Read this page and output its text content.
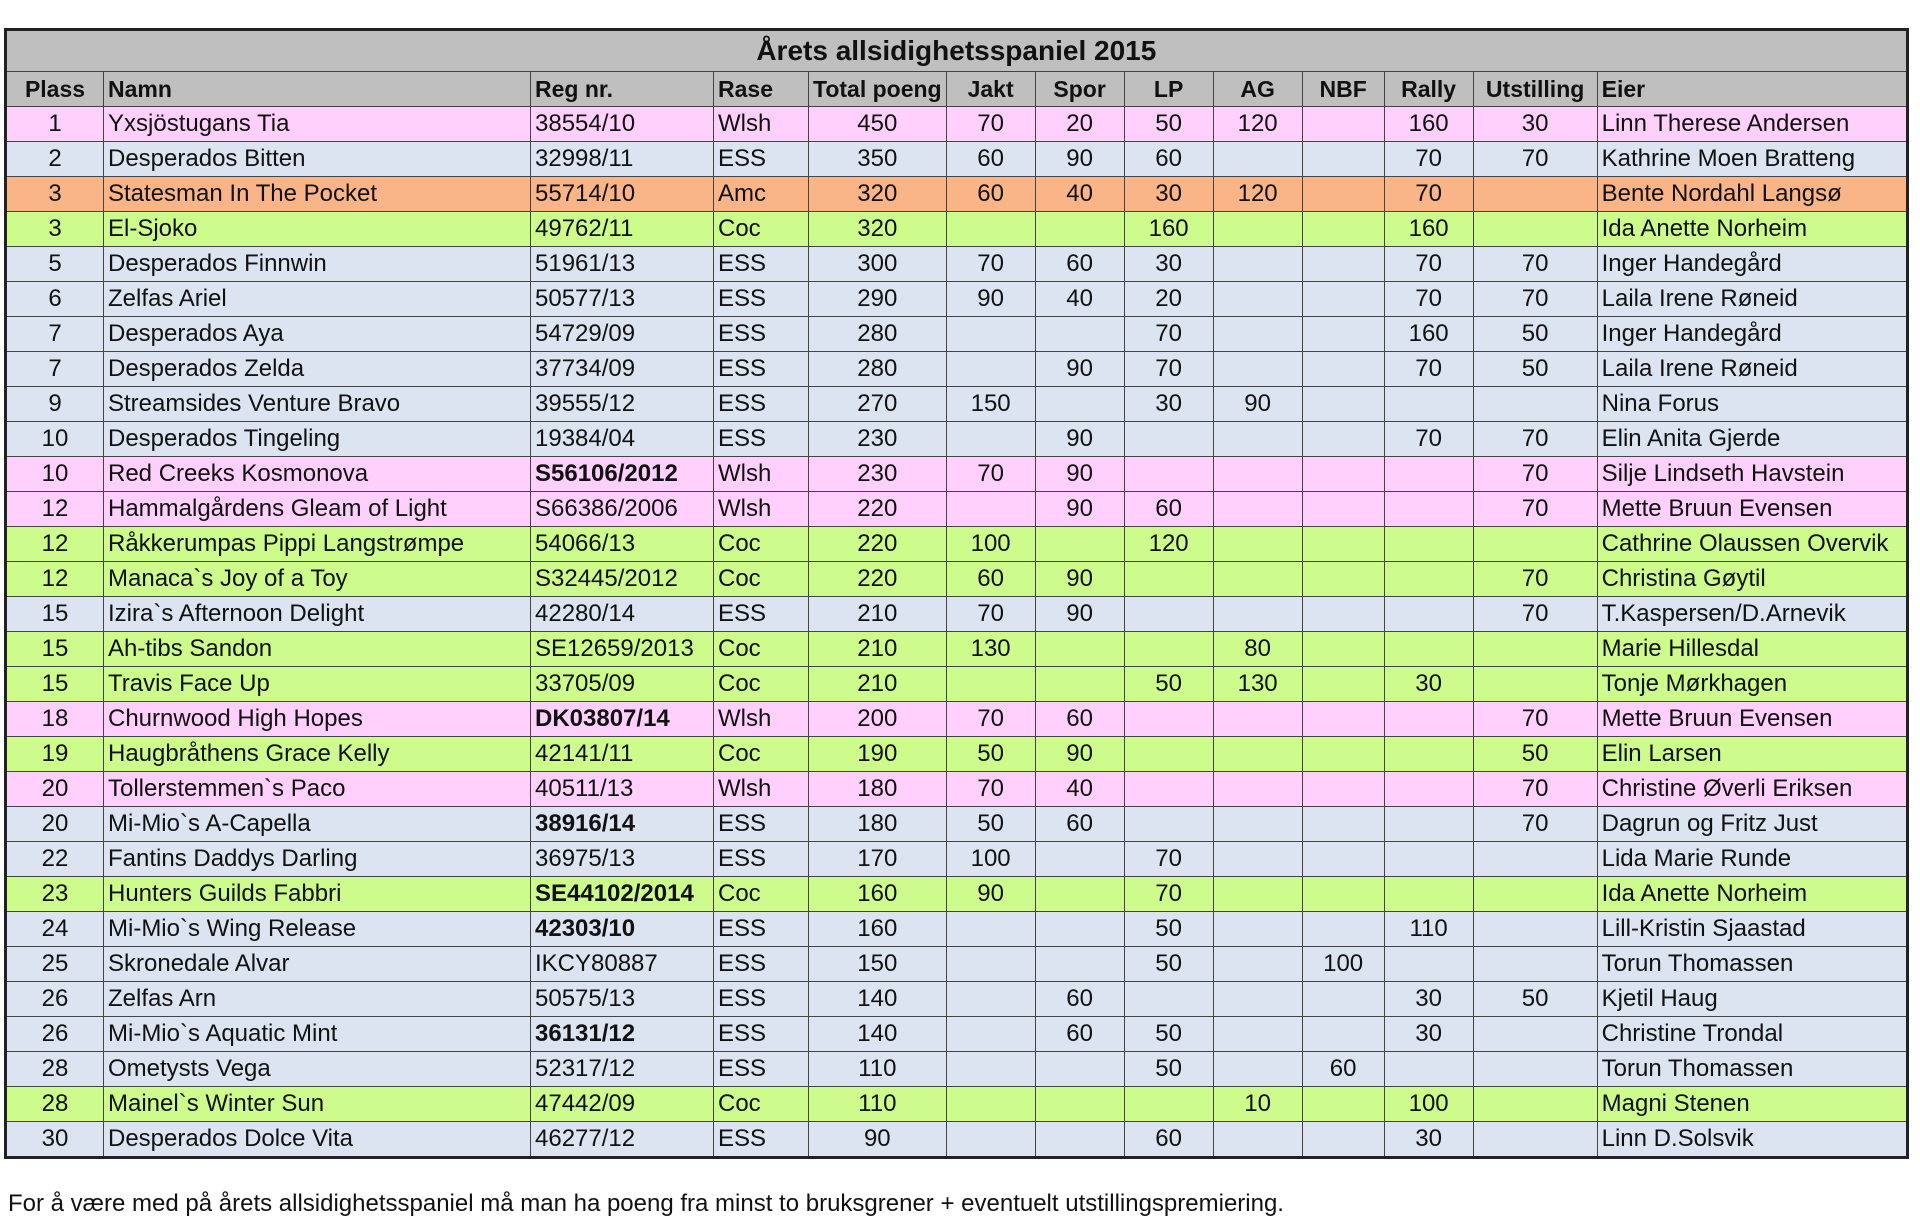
Årets allsidighetsspaniel 2015												
Plass	Namn	Reg nr.	Rase	Total poeng	Jakt	Spor	LP	AG	NBF	Rally	Utstilling	Eier
1	Yxsjöstugans Tia	38554/10	Wlsh	450	70	20	50	120		160	30	Linn Therese Andersen
2	Desperados Bitten	32998/11	ESS	350	60	90	60			70	70	Kathrine Moen Bratteng
3	Statesman In The Pocket	55714/10	Amc	320	60	40	30	120		70		Bente Nordahl Langsø
3	El-Sjoko	49762/11	Coc	320			160			160		Ida Anette Norheim
5	Desperados Finnwin	51961/13	ESS	300	70	60	30			70	70	Inger Handegård
6	Zelfas Ariel	50577/13	ESS	290	90	40	20			70	70	Laila Irene Røneid
7	Desperados Aya	54729/09	ESS	280			70			160	50	Inger Handegård
7	Desperados Zelda	37734/09	ESS	280		90	70			70	50	Laila Irene Røneid
9	Streamsides Venture Bravo	39555/12	ESS	270	150		30	90				Nina Forus
10	Desperados Tingeling	19384/04	ESS	230		90				70	70	Elin Anita Gjerde
10	Red Creeks Kosmonova	S56106/2012	Wlsh	230	70	90					70	Silje Lindseth Havstein
12	Hammalgårdens Gleam of Light	S66386/2006	Wlsh	220		90	60				70	Mette Bruun Evensen
12	Råkkerumpas Pippi Langstrømpe	54066/13	Coc	220	100		120					Cathrine Olaussen Overvik
12	Manaca`s Joy of a Toy	S32445/2012	Coc	220	60	90					70	Christina Gøytil
15	Izira`s Afternoon Delight	42280/14	ESS	210	70	90					70	T.Kaspersen/D.Arnevik
15	Ah-tibs Sandon	SE12659/2013	Coc	210	130			80				Marie Hillesdal
15	Travis Face Up	33705/09	Coc	210			50	130		30		Tonje Mørkhagen
18	Churnwood High Hopes	DK03807/14	Wlsh	200	70	60					70	Mette Bruun Evensen
19	Haugbråthens Grace Kelly	42141/11	Coc	190	50	90					50	Elin Larsen
20	Tollerstemmen`s Paco	40511/13	Wlsh	180	70	40					70	Christine Øverli Eriksen
20	Mi-Mio`s A-Capella	38916/14	ESS	180	50	60					70	Dagrun og Fritz Just
22	Fantins Daddys Darling	36975/13	ESS	170	100		70					Lida Marie Runde
23	Hunters Guilds Fabbri	SE44102/2014	Coc	160	90		70					Ida Anette Norheim
24	Mi-Mio`s Wing Release	42303/10	ESS	160			50			110		Lill-Kristin Sjaastad
25	Skronedale Alvar	IKCY80887	ESS	150			50		100			Torun Thomassen
26	Zelfas Arn	50575/13	ESS	140		60				30	50	Kjetil Haug
26	Mi-Mio`s Aquatic Mint	36131/12	ESS	140		60	50			30		Christine Trondal
28	Ometysts Vega	52317/12	ESS	110			50		60			Torun Thomassen
28	Mainel`s Winter Sun	47442/09	Coc	110				10		100		Magni Stenen
30	Desperados Dolce Vita	46277/12	ESS	90			60			30		Linn D.Solsvik
For å være med på årets allsidighetsspaniel må man ha poeng fra minst to bruksgrener + eventuelt utstillingspremiering.
